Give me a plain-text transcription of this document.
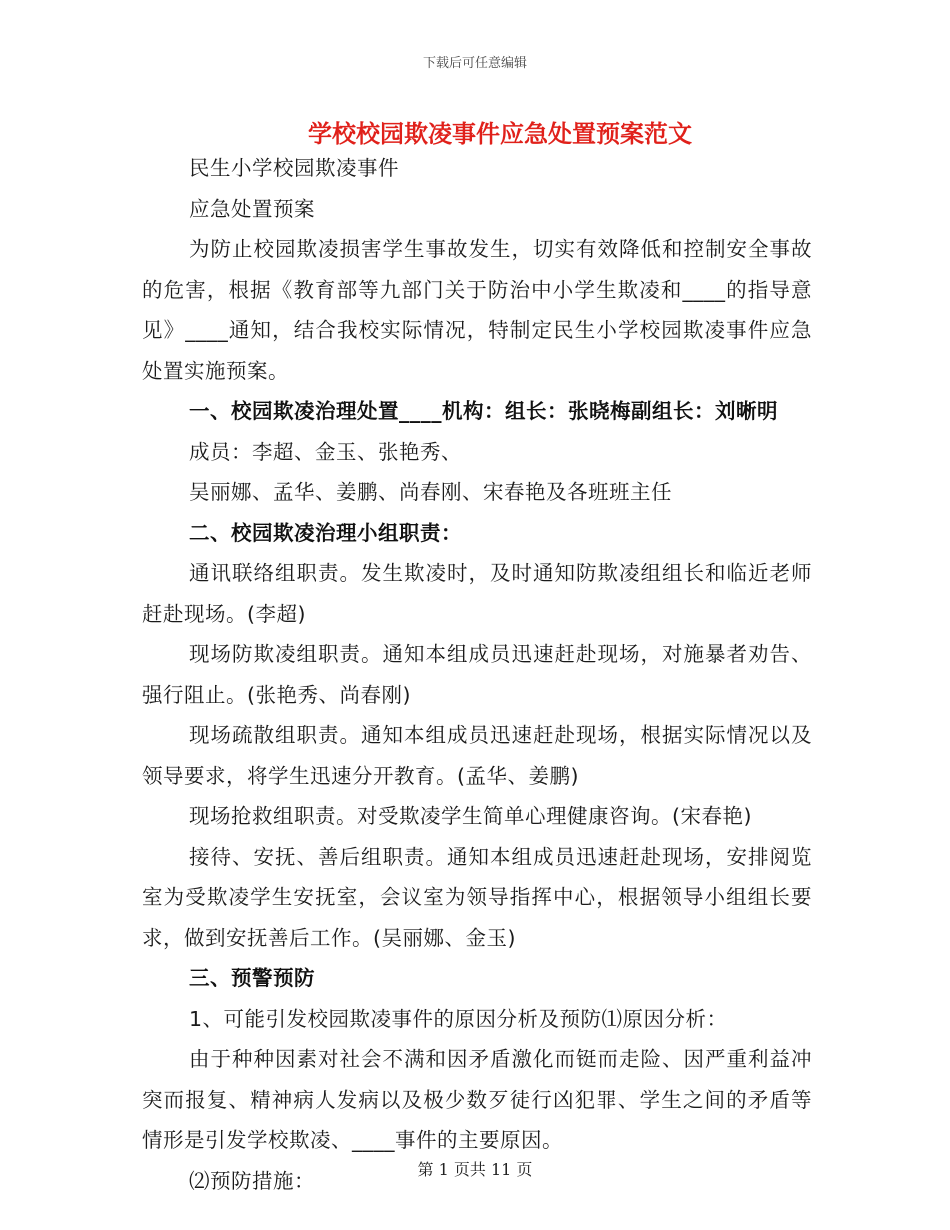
下载后可任意编辑
学校校园欺凌事件应急处置预案范文

民生小学校园欺凌事件

应急处置预案

为防止校园欺凌损害学生事故发生，切实有效降低和控制安全事故的危害，根据《教育部等九部门关于防治中小学生欺凌和____的指导意见》____通知，结合我校实际情况，特制定民生小学校园欺凌事件应急处置实施预案。

一、校园欺凌治理处置____机构：组长：张晓梅副组长：刘晰明

成员：李超、金玉、张艳秀、

吴丽娜、孟华、姜鹏、尚春刚、宋春艳及各班班主任

二、校园欺凌治理小组职责：

通讯联络组职责。发生欺凌时，及时通知防欺凌组组长和临近老师赶赴现场。(李超)

现场防欺凌组职责。通知本组成员迅速赶赴现场，对施暴者劝告、强行阻止。(张艳秀、尚春刚)

现场疏散组职责。通知本组成员迅速赶赴现场，根据实际情况以及领导要求，将学生迅速分开教育。(孟华、姜鹏)

现场抢救组职责。对受欺凌学生简单心理健康咨询。(宋春艳)

接待、安抚、善后组职责。通知本组成员迅速赶赴现场，安排阅览室为受欺凌学生安抚室，会议室为领导指挥中心，根据领导小组组长要求，做到安抚善后工作。(吴丽娜、金玉)

三、预警预防

1、可能引发校园欺凌事件的原因分析及预防⑴原因分析：

由于种种因素对社会不满和因矛盾激化而铤而走险、因严重利益冲突而报复、精神病人发病以及极少数歹徒行凶犯罪、学生之间的矛盾等情形是引发学校欺凌、____事件的主要原因。

⑵预防措施：	第 1 页共 11 页
